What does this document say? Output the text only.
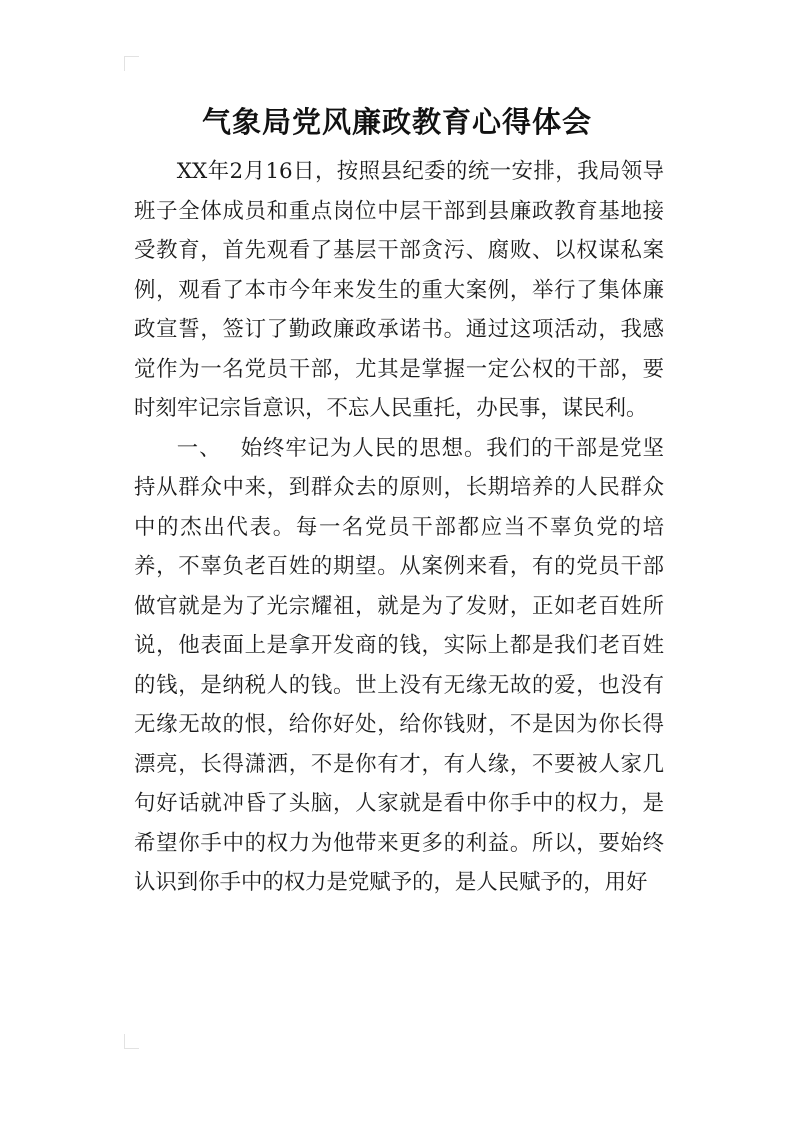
气象局党风廉政教育心得体会

XX年2月16日，按照县纪委的统一安排，我局领导班子全体成员和重点岗位中层干部到县廉政教育基地接受教育，首先观看了基层干部贪污、腐败、以权谋私案例，观看了本市今年来发生的重大案例，举行了集体廉政宣誓，签订了勤政廉政承诺书。通过这项活动，我感觉作为一名党员干部，尤其是掌握一定公权的干部，要时刻牢记宗旨意识，不忘人民重托，办民事，谋民利。

一、 始终牢记为人民的思想。我们的干部是党坚持从群众中来，到群众去的原则，长期培养的人民群众中的杰出代表。每一名党员干部都应当不辜负党的培养，不辜负老百姓的期望。从案例来看，有的党员干部做官就是为了光宗耀祖，就是为了发财，正如老百姓所说，他表面上是拿开发商的钱，实际上都是我们老百姓的钱，是纳税人的钱。世上没有无缘无故的爱，也没有无缘无故的恨，给你好处，给你钱财，不是因为你长得漂亮，长得潇洒，不是你有才，有人缘，不要被人家几句好话就冲昏了头脑，人家就是看中你手中的权力，是希望你手中的权力为他带来更多的利益。所以，要始终认识到你手中的权力是党赋予的，是人民赋予的，用好
